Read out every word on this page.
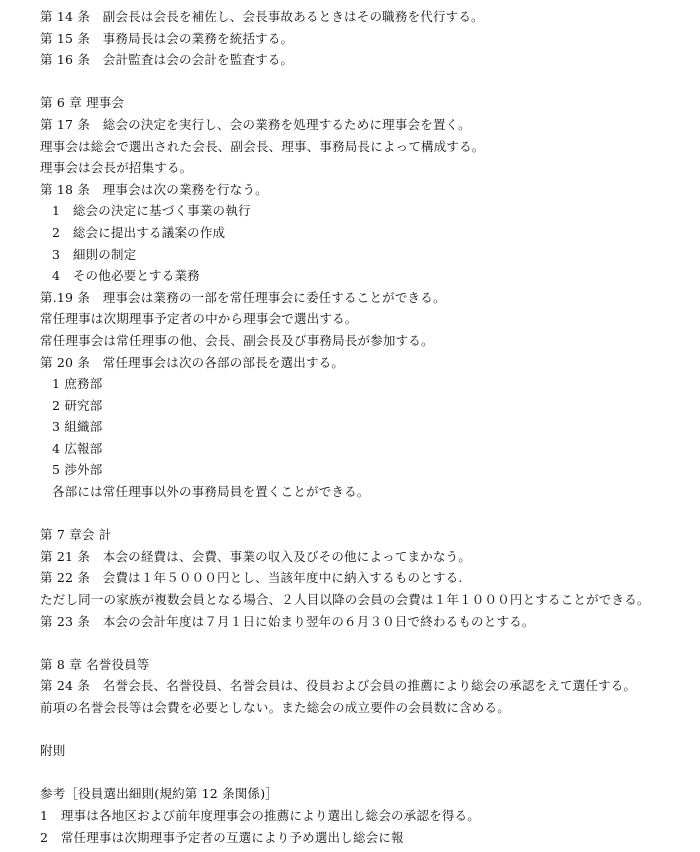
第 14 条　副会長は会長を補佐し、会長事故あるときはその職務を代行する。
第 15 条　事務局長は会の業務を統括する。
第 16 条　会計監査は会の会計を監査する。
第 6 章 理事会
第 17 条　総会の決定を実行し、会の業務を処理するために理事会を置く。
理事会は総会で選出された会長、副会長、理事、事務局長によって構成する。
理事会は会長が招集する。
第 18 条　理事会は次の業務を行なう。
1　総会の決定に基づく事業の執行
2　総会に提出する議案の作成
3　細則の制定
4　その他必要とする業務
第.19 条　理事会は業務の一部を常任理事会に委任することができる。
常任理事は次期理事予定者の中から理事会で選出する。
常任理事会は常任理事の他、会長、副会長及び事務局長が参加する。
第 20 条　常任理事会は次の各部の部長を選出する。
1 庶務部
2 研究部
3 組織部
4 広報部
5 渉外部
各部には常任理事以外の事務局員を置くことができる。
第 7 章会 計
第 21 条　本会の経費は、会費、事業の収入及びその他によってまかなう。
第 22 条　会費は１年５０００円とし、当該年度中に納入するものとする.
ただし同一の家族が複数会員となる場合、２人目以降の会員の会費は１年１０００円とすることができる。
第 23 条　本会の会計年度は７月１日に始まり翌年の６月３０日で終わるものとする。
第 8 章 名誉役員等
第 24 条　名誉会長、名誉役員、名誉会員は、役員および会員の推薦により総会の承認をえて選任する。
前項の名誉会長等は会費を必要としない。また総会の成立要件の会員数に含める。
附則
参考［役員選出細則(規約第 12 条関係)］
1　理事は各地区および前年度理事会の推薦により選出し総会の承認を得る。
2　常任理事は次期理事予定者の互選により予め選出し総会に報
